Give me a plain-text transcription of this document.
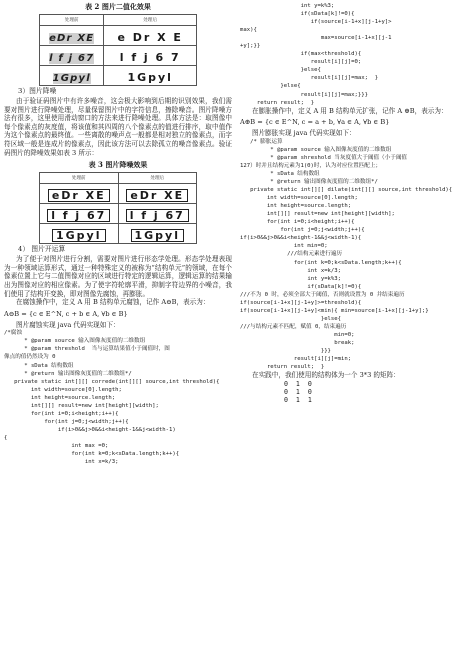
表 2 图片二值化效果

处理前	处理后
eDr XE	e Dr X E
l f j 67	l f j 6 7
1Gpyl	1Gpyl

3）图片降噪

由于验证码图片中有许多噪音，这会极大影响到后期的识别效果，我们需要对图片进行降噪处理，尽量保留图片中的字符信息，擦除噪音。图片降噪方法有很多，这里使用滑动窗口的方法来进行降噪处理。具体方法是：取图像中每个像素点的灰度值，将该值和其四周的八个像素点的值进行排序，取中值作为这个像素点的最终值。一些离散的噪声点一般都是相对独立的像素点，而字符区域一般是连成片的像素点，因此该方法可以去除孤立的噪音像素点。验证码图片的降噪效果如表 3 所示：

表 3 图片降噪效果

处理前	处理后
eDr XE	eDr XE
l f j 67	l f j 67
1Gpyl	1Gpyl

4） 图片开运算

为了便于对图片进行分割，需要对图片进行形态学处理。形态学处理表现为一种领域运算形式，通过一种特殊定义的被称为“结构单元”的领域，在每个像素位置上它与二值图像对应的区域进行特定的逻辑运算，逻辑运算的结果输出为图像对应的相应像素。为了使字符轮廓平滑，抑制字符边界的小噪音，我们使用了结构开变换，即对图像先腐蚀，再膨胀。

在腐蚀操作中，定义 A 用 B 结构单元腐蚀，记作 A⊖B，表示为：

A⊖B = {c ∈ E^N, c + b ∈ A, ∀b ∈ B}

图片腐蚀实现 java 代码实现如下：

/*腐蚀
* @param source 输入图像灰度值的二维数组
* @param threshold  当与运算结果值小于阈值时，图
像点的值仍然设为 0
* sData 结构数组
* @return 输出图像灰度值的二维数组*/
private static int[][] correde(int[][] source,int threshold){
int width=source[0].length;
int height=source.length;
int[][] result=new int[height][width];
for(int i=0;i<height;i++){
for(int j=0;j<width;j++){
if(i>0&&j>0&&i<height-1&&j<width-1)
{
int max =0;
for(int k=0;k<sData.length;k++){
int x=k/3;
int y=k%3;
if(sData[k]!=0){
if(source[i-1+x][j-1+y]>
max){
max=source[i-1+x][j-1
+y];}}
if(max<threshold){
result[i][j]=0;
}else{
result[i][j]=max;  }
}else{
result[i][j]=max;}}}
return result;  }

在膨胀操作中，定义 A 用 B 结构单元扩张，记作 A ⊕B，表示为：

A⊕B = {c ∈ E^N, c = a + b, ∀a ∈ A, ∀b ∈ B}

图片膨胀实现 java 代码实现如下：

/* 膨胀运算
* @param source 输入图像灰度值的二维数组
* @param shreshold 当灰度值大于阈值（小于阈值
127）时并且结构元素为1(0)时，认为对应位置匹配上；
* sData 结构数组
* @return 输出图像灰度值的二维数组*/
private static int[][] dilate(int[][] source,int threshold){
int width=source[0].length;
int height=source.length;
int[][] result=new int[height][width];
for(int i=0;i<height;i++){
for(int j=0;j<width;j++){
if(i>0&&j>0&&i<height-1&&j<width-1){
int min=0;
///结构元素进行遍历
for(int k=0;k<sData.length;k++){
int x=k/3;
int y=k%3;
if(sData[k]!=0){
///不为 0 时，必须全部大于阈值，否则就设置为 0 并结束遍历
if(source[i-1+x][j-1+y]>=threshold){
if(source[i-1+x][j-1+y]<min){ min=source[i-1+x][j-1+y];}
}else{
///与结构元素不匹配，赋值 0，结束遍历
min=0;
break;
}}}
result[i][j]=min;
return result;  }

在实践中，我们使用的结构体为一个 3*3 的矩阵：

0  1  0
0  1  0
0  1  1
